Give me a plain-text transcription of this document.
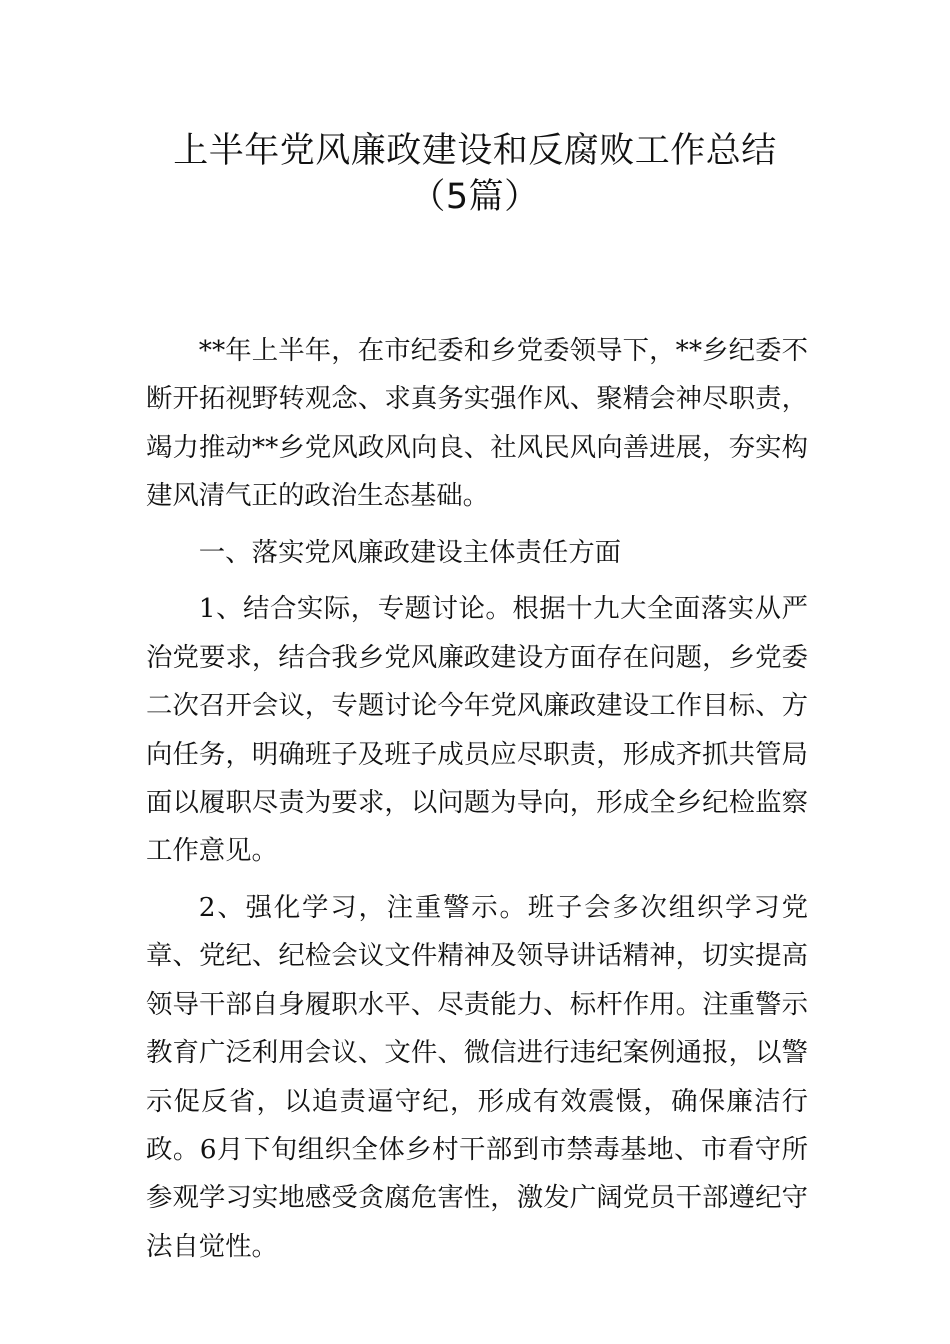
上半年党风廉政建设和反腐败工作总结
（5篇）

**年上半年，在市纪委和乡党委领导下，**乡纪委不断开拓视野转观念、求真务实强作风、聚精会神尽职责，竭力推动**乡党风政风向良、社风民风向善进展，夯实构建风清气正的政治生态基础。

一、落实党风廉政建设主体责任方面

1、结合实际，专题讨论。根据十九大全面落实从严治党要求，结合我乡党风廉政建设方面存在问题，乡党委二次召开会议，专题讨论今年党风廉政建设工作目标、方向任务，明确班子及班子成员应尽职责，形成齐抓共管局面以履职尽责为要求，以问题为导向，形成全乡纪检监察工作意见。

2、强化学习，注重警示。班子会多次组织学习党章、党纪、纪检会议文件精神及领导讲话精神，切实提高领导干部自身履职水平、尽责能力、标杆作用。注重警示教育广泛利用会议、文件、微信进行违纪案例通报，以警示促反省，以追责逼守纪，形成有效震慑，确保廉洁行政。6月下旬组织全体乡村干部到市禁毒基地、市看守所参观学习实地感受贪腐危害性，激发广阔党员干部遵纪守法自觉性。
